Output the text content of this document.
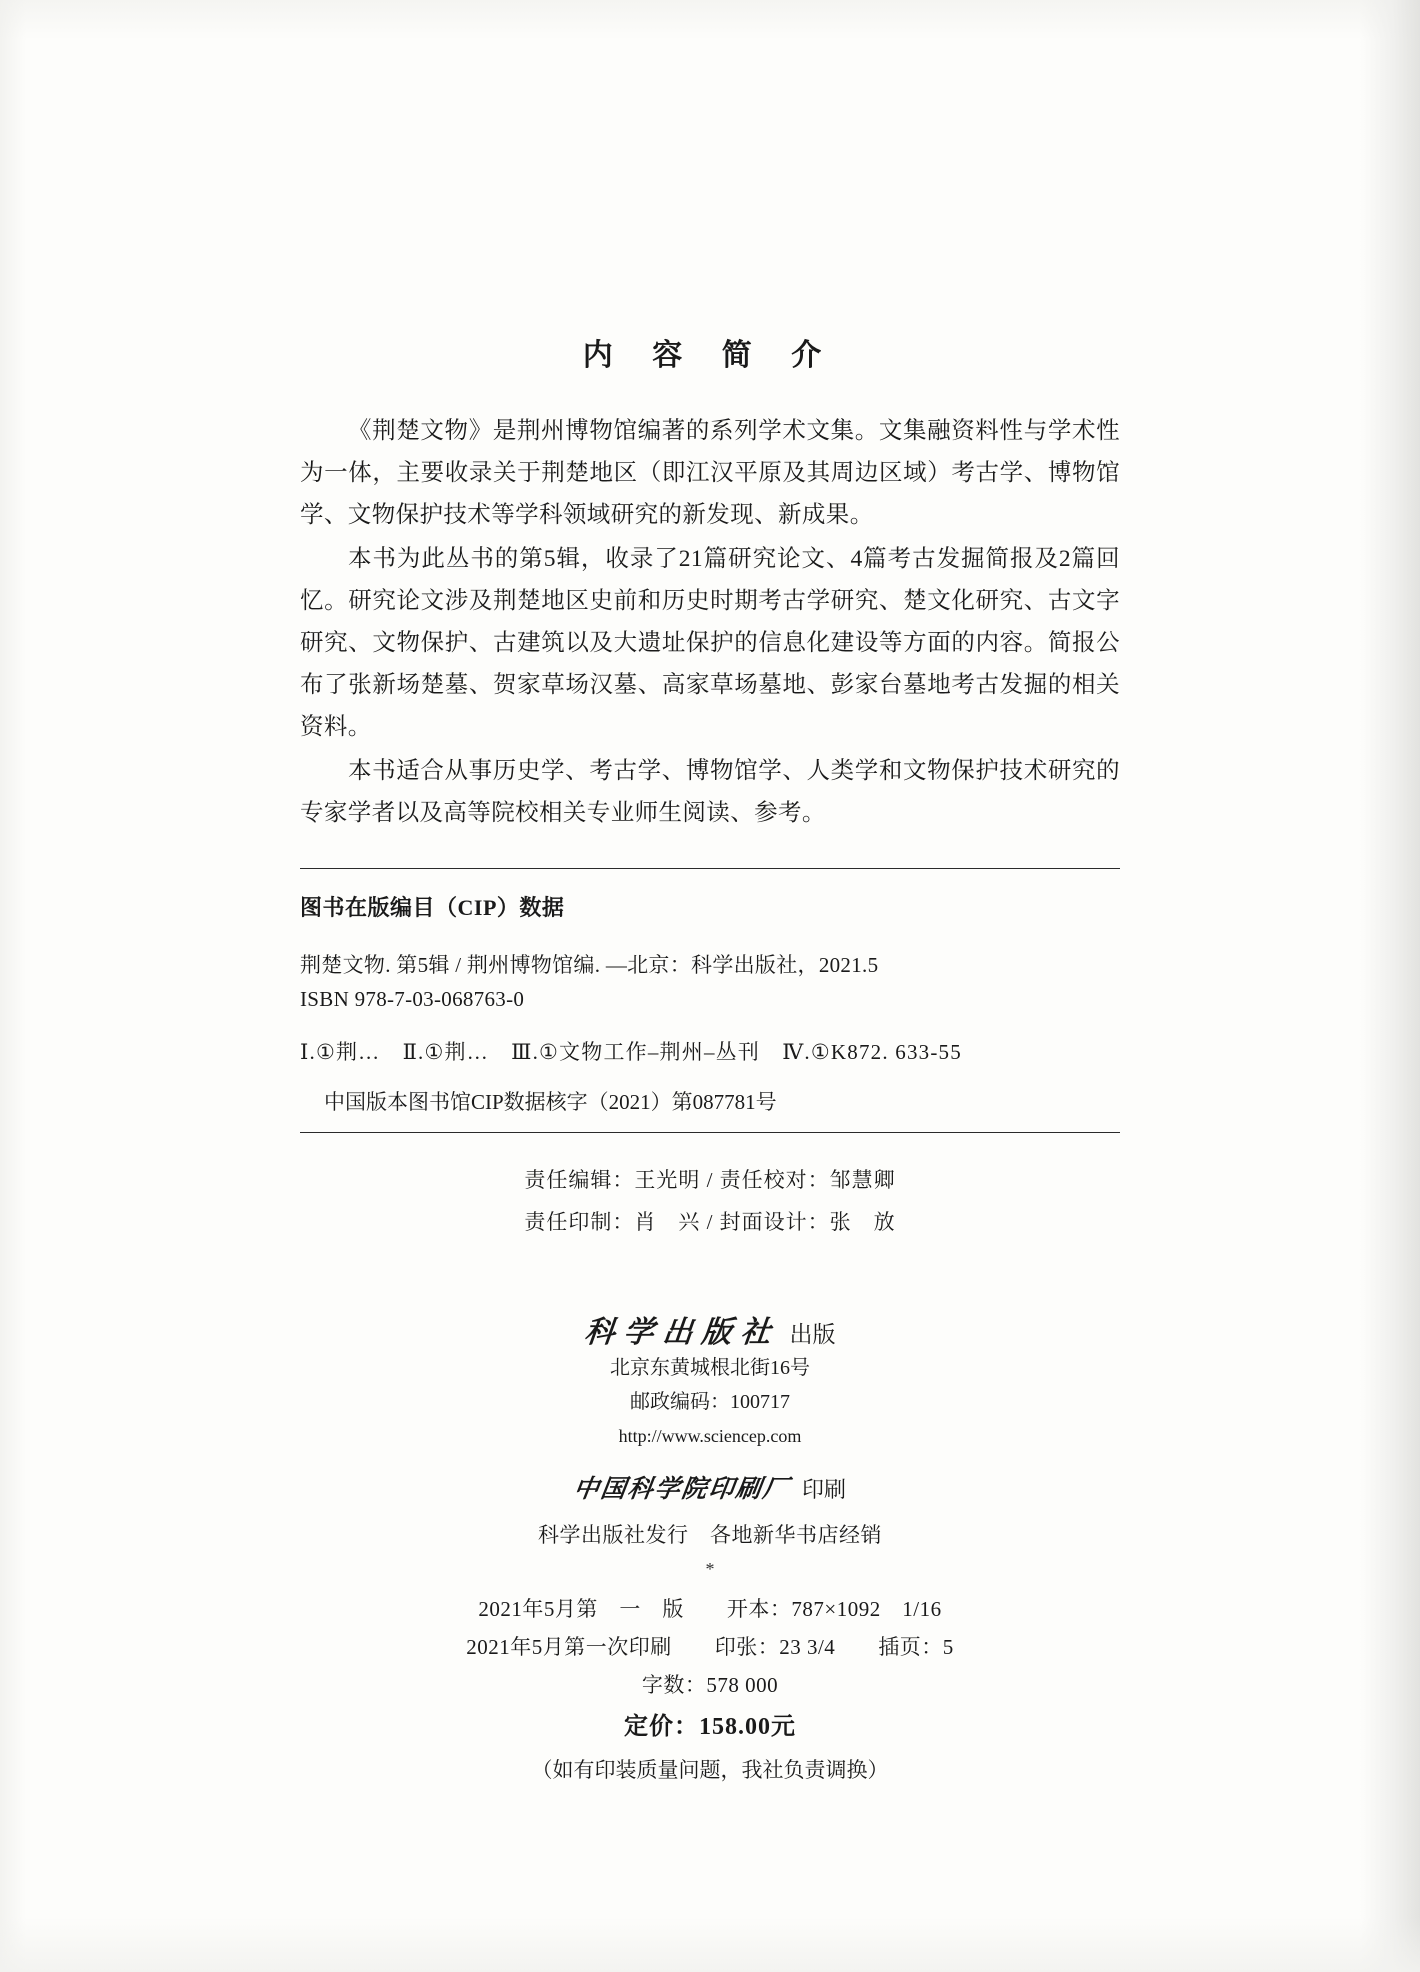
内 容 简 介

《荆楚文物》是荆州博物馆编著的系列学术文集。文集融资料性与学术性为一体，主要收录关于荆楚地区（即江汉平原及其周边区域）考古学、博物馆学、文物保护技术等学科领域研究的新发现、新成果。

本书为此丛书的第5辑，收录了21篇研究论文、4篇考古发掘简报及2篇回忆。研究论文涉及荆楚地区史前和历史时期考古学研究、楚文化研究、古文字研究、文物保护、古建筑以及大遗址保护的信息化建设等方面的内容。简报公布了张新场楚墓、贺家草场汉墓、高家草场墓地、彭家台墓地考古发掘的相关资料。

本书适合从事历史学、考古学、博物馆学、人类学和文物保护技术研究的专家学者以及高等院校相关专业师生阅读、参考。

图书在版编目（CIP）数据
荆楚文物. 第5辑 / 荆州博物馆编. —北京：科学出版社，2021.5
ISBN 978-7-03-068763-0
Ⅰ.①荆…　Ⅱ.①荆…　Ⅲ.①文物工作–荆州–丛刊　Ⅳ.①K872. 633-55
中国版本图书馆CIP数据核字（2021）第087781号
责任编辑：王光明 / 责任校对：邹慧卿
责任印制：肖　兴 / 封面设计：张　放
科学出版社 出版
北京东黄城根北街16号
邮政编码：100717
http://www.sciencep.com
中国科学院印刷厂 印刷
科学出版社发行　各地新华书店经销
*
2021年5月第　一　版　　开本：787×1092　1/16
2021年5月第一次印刷　　印张：23 3/4　　插页：5
字数：578 000
定价：158.00元
（如有印装质量问题，我社负责调换）
